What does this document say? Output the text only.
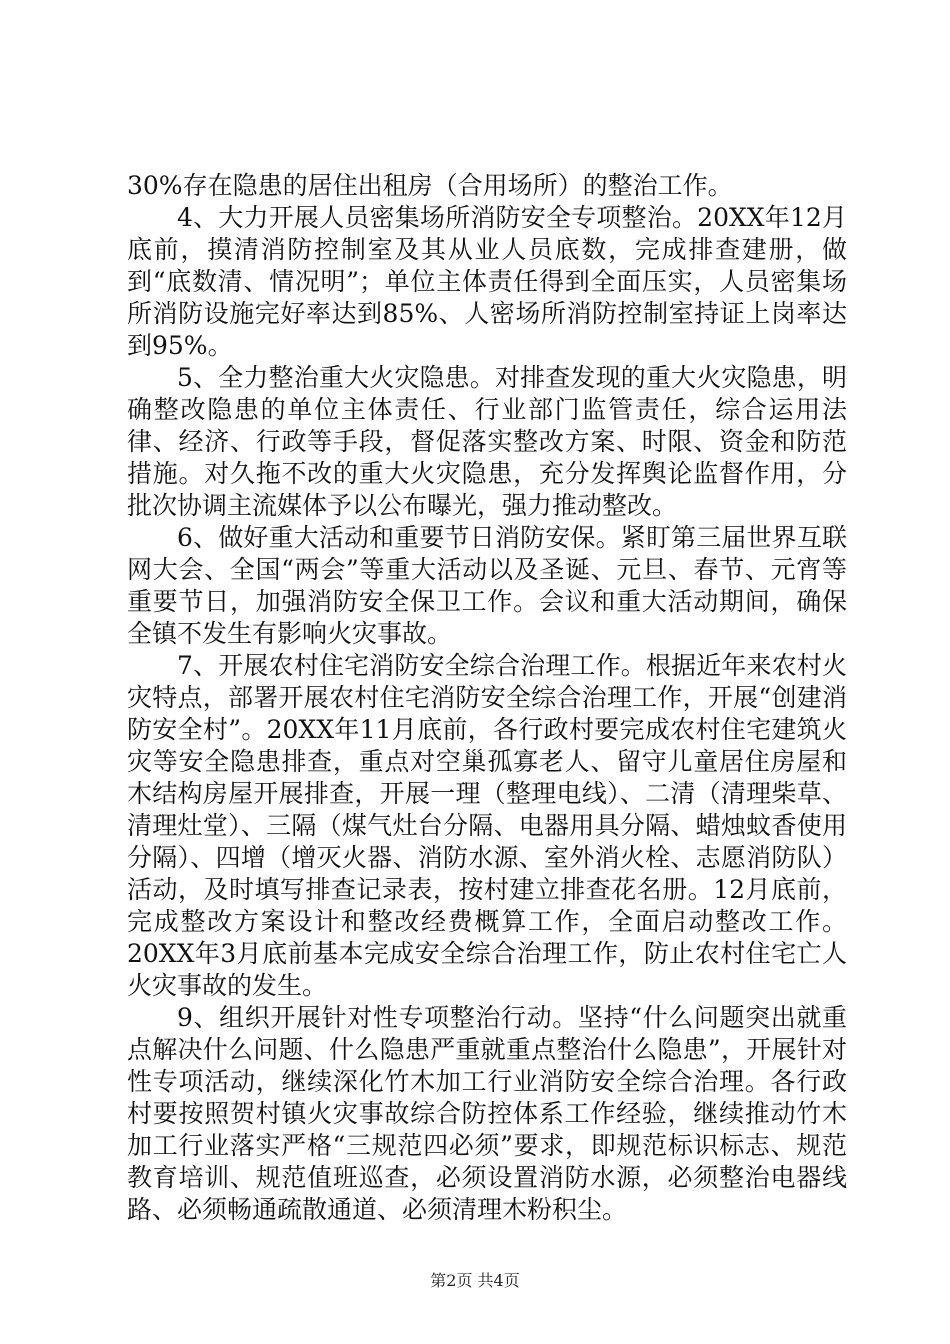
30%存在隐患的居住出租房（合用场所）的整治工作。

4、大力开展人员密集场所消防安全专项整治。20XX年12月底前，摸清消防控制室及其从业人员底数，完成排查建册，做到“底数清、情况明”；单位主体责任得到全面压实，人员密集场所消防设施完好率达到85%、人密场所消防控制室持证上岗率达到95%。

5、全力整治重大火灾隐患。对排查发现的重大火灾隐患，明确整改隐患的单位主体责任、行业部门监管责任，综合运用法律、经济、行政等手段，督促落实整改方案、时限、资金和防范措施。对久拖不改的重大火灾隐患，充分发挥舆论监督作用，分批次协调主流媒体予以公布曝光，强力推动整改。

6、做好重大活动和重要节日消防安保。紧盯第三届世界互联网大会、全国“两会”等重大活动以及圣诞、元旦、春节、元宵等重要节日，加强消防安全保卫工作。会议和重大活动期间，确保全镇不发生有影响火灾事故。

7、开展农村住宅消防安全综合治理工作。根据近年来农村火灾特点，部署开展农村住宅消防安全综合治理工作，开展“创建消防安全村”。20XX年11月底前，各行政村要完成农村住宅建筑火灾等安全隐患排查，重点对空巢孤寡老人、留守儿童居住房屋和木结构房屋开展排查，开展一理（整理电线）、二清（清理柴草、清理灶堂）、三隔（煤气灶台分隔、电器用具分隔、蜡烛蚊香使用分隔）、四增（增灭火器、消防水源、室外消火栓、志愿消防队）活动，及时填写排查记录表，按村建立排查花名册。12月底前，完成整改方案设计和整改经费概算工作，全面启动整改工作。20XX年3月底前基本完成安全综合治理工作，防止农村住宅亡人火灾事故的发生。

9、组织开展针对性专项整治行动。坚持“什么问题突出就重点解决什么问题、什么隐患严重就重点整治什么隐患”，开展针对性专项活动，继续深化竹木加工行业消防安全综合治理。各行政村要按照贺村镇火灾事故综合防控体系工作经验，继续推动竹木加工行业落实严格“三规范四必须”要求，即规范标识标志、规范教育培训、规范值班巡查，必须设置消防水源，必须整治电器线路、必须畅通疏散通道、必须清理木粉积尘。

第2页 共4页
